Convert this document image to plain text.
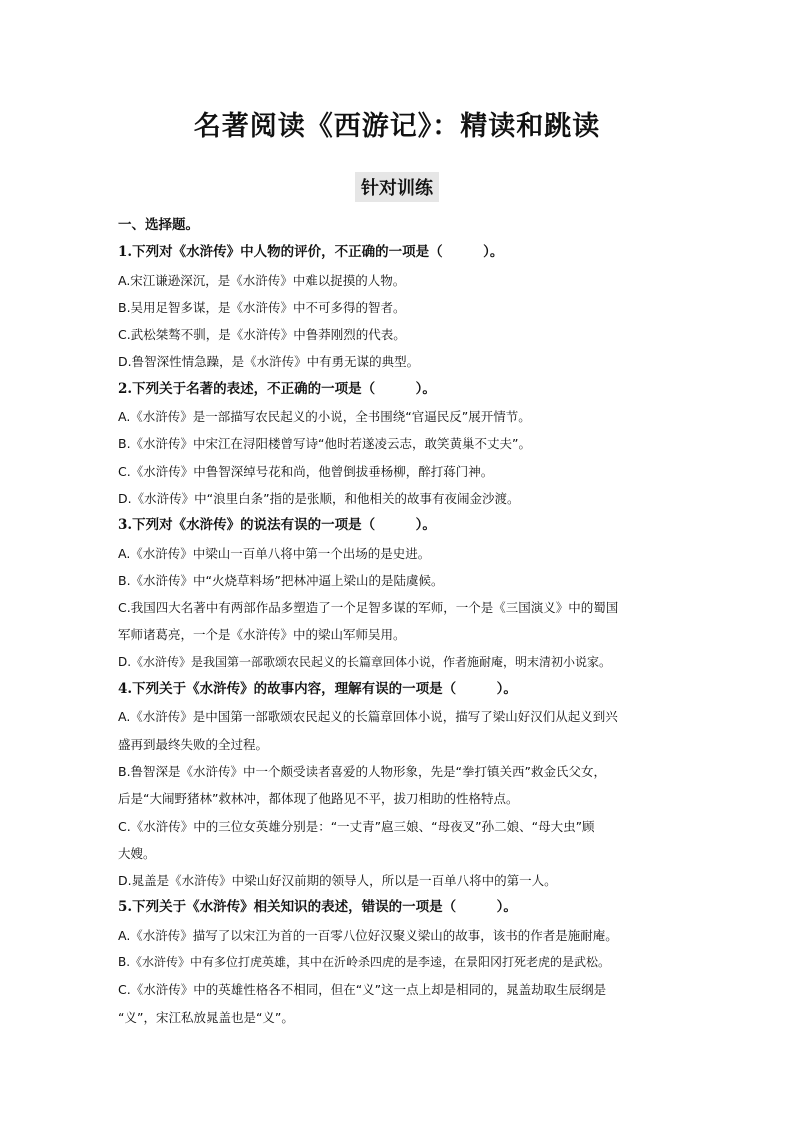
名著阅读《西游记》：精读和跳读
针对训练
一、选择题。
1.下列对《水浒传》中人物的评价，不正确的一项是（　　　）。
A.宋江谦逊深沉，是《水浒传》中难以捉摸的人物。
B.吴用足智多谋，是《水浒传》中不可多得的智者。
C.武松桀骜不驯，是《水浒传》中鲁莽刚烈的代表。
D.鲁智深性情急躁，是《水浒传》中有勇无谋的典型。
2.下列关于名著的表述，不正确的一项是（　　　）。
A.《水浒传》是一部描写农民起义的小说，全书围绕“官逼民反”展开情节。
B.《水浒传》中宋江在浔阳楼曾写诗“他时若遂凌云志，敢笑黄巢不丈夫”。
C.《水浒传》中鲁智深绰号花和尚，他曾倒拔垂杨柳，醉打蒋门神。
D.《水浒传》中“浪里白条”指的是张顺，和他相关的故事有夜闹金沙渡。
3.下列对《水浒传》的说法有误的一项是（　　　）。
A.《水浒传》中梁山一百单八将中第一个出场的是史进。
B.《水浒传》中“火烧草料场”把林冲逼上梁山的是陆虞候。
C.我国四大名著中有两部作品多塑造了一个足智多谋的军师，一个是《三国演义》中的蜀国
军师诸葛亮，一个是《水浒传》中的梁山军师吴用。
D.《水浒传》是我国第一部歌颂农民起义的长篇章回体小说，作者施耐庵，明末清初小说家。
4.下列关于《水浒传》的故事内容，理解有误的一项是（　　　）。
A.《水浒传》是中国第一部歌颂农民起义的长篇章回体小说，描写了梁山好汉们从起义到兴
盛再到最终失败的全过程。
B.鲁智深是《水浒传》中一个颇受读者喜爱的人物形象，先是“拳打镇关西”救金氏父女，
后是“大闹野猪林”救林冲，都体现了他路见不平，拔刀相助的性格特点。
C.《水浒传》中的三位女英雄分别是：“一丈青”扈三娘、“母夜叉”孙二娘、“母大虫”顾
大嫂。
D.晁盖是《水浒传》中梁山好汉前期的领导人，所以是一百单八将中的第一人。
5.下列关于《水浒传》相关知识的表述，错误的一项是（　　　）。
A.《水浒传》描写了以宋江为首的一百零八位好汉聚义梁山的故事，该书的作者是施耐庵。
B.《水浒传》中有多位打虎英雄，其中在沂岭杀四虎的是李逵，在景阳冈打死老虎的是武松。
C.《水浒传》中的英雄性格各不相同，但在“义”这一点上却是相同的，晁盖劫取生辰纲是
“义”，宋江私放晁盖也是“义”。
